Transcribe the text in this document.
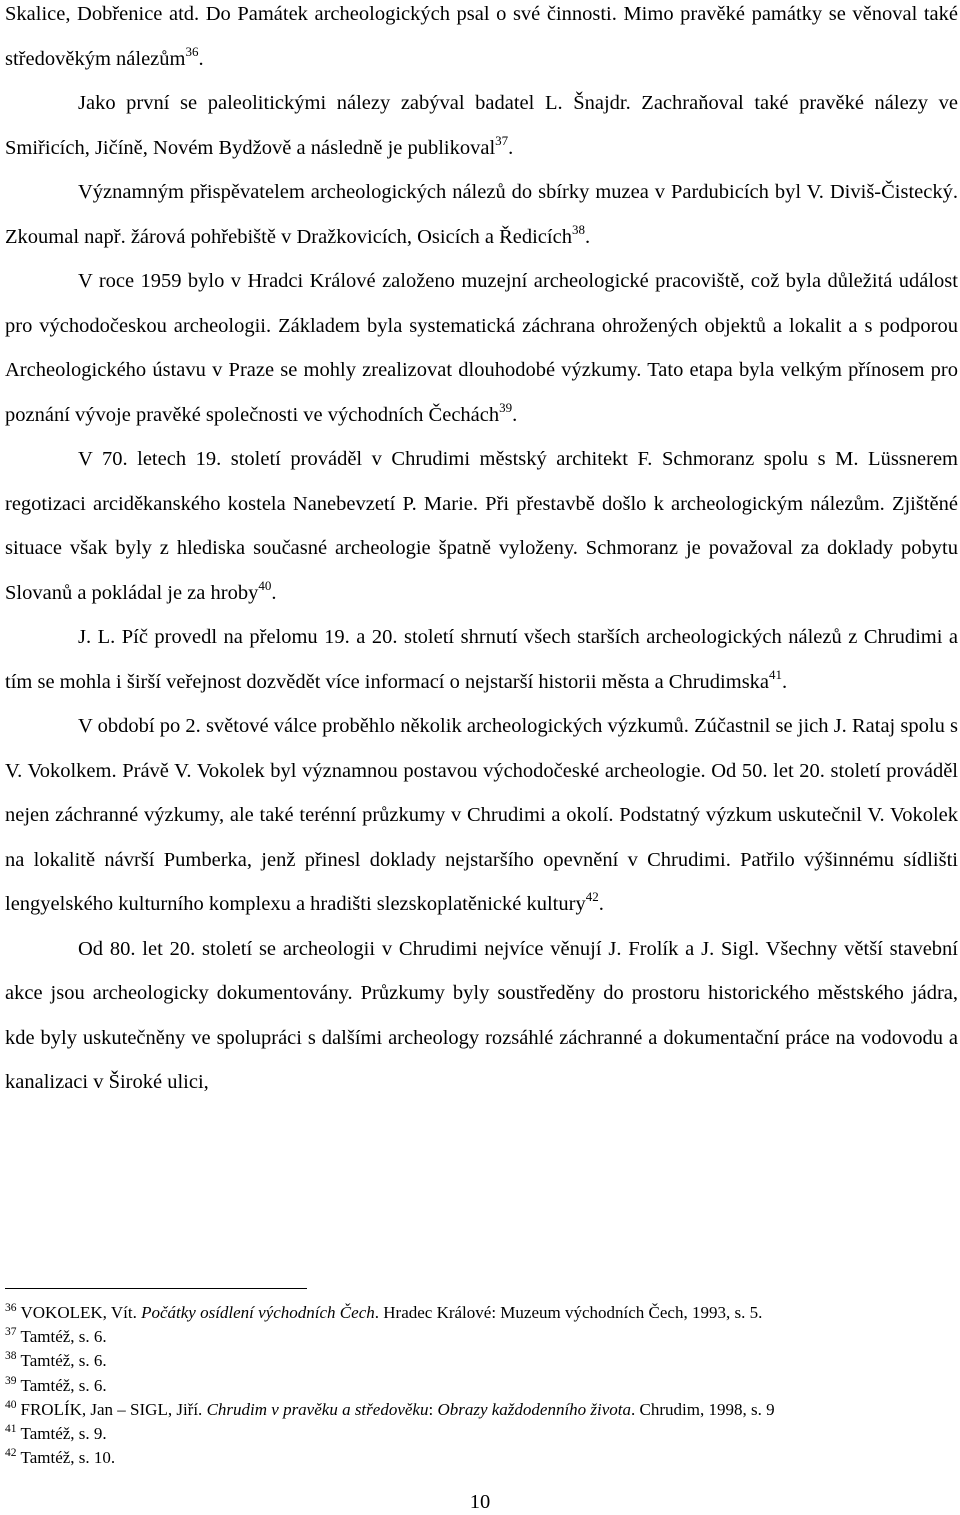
Skalice, Dobřenice atd. Do Památek archeologických psal o své činnosti. Mimo pravěké památky se věnoval také středověkým nálezům$^{36}$.

Jako první se paleolitickými nálezy zabýval badatel L. Šnajdr. Zachraňoval také pravěké nálezy ve Smiřicích, Jičíně, Novém Bydžově a následně je publikoval$^{37}$.

Významným přispěvatelem archeologických nálezů do sbírky muzea v Pardubicích byl V. Diviš-Čistecký. Zkoumal např. žárová pohřebiště v Dražkovicích, Osicích a Ředicích$^{38}$.

V roce 1959 bylo v Hradci Králové založeno muzejní archeologické pracoviště, což byla důležitá událost pro východočeskou archeologii. Základem byla systematická záchrana ohrožených objektů a lokalit a s podporou Archeologického ústavu v Praze se mohly zrealizovat dlouhodobé výzkumy. Tato etapa byla velkým přínosem pro poznání vývoje pravěké společnosti ve východních Čechách$^{39}$.

V 70. letech 19. století prováděl v Chrudimi městský architekt F. Schmoranz spolu s M. Lüssnerem regotizaci arciděkanského kostela Nanebevzetí P. Marie. Při přestavbě došlo k archeologickým nálezům. Zjištěné situace však byly z hlediska současné archeologie špatně vyloženy. Schmoranz je považoval za doklady pobytu Slovanů a pokládal je za hroby$^{40}$.

J. L. Píč provedl na přelomu 19. a 20. století shrnutí všech starších archeologických nálezů z Chrudimi a tím se mohla i širší veřejnost dozvědět více informací o nejstarší historii města a Chrudimska$^{41}$.

V období po 2. světové válce proběhlo několik archeologických výzkumů. Zúčastnil se jich J. Rataj spolu s V. Vokolkem. Právě V. Vokolek byl významnou postavou východočeské archeologie. Od 50. let 20. století prováděl nejen záchranné výzkumy, ale také terénní průzkumy v Chrudimi a okolí. Podstatný výzkum uskutečnil V. Vokolek na lokalitě návrší Pumberka, jenž přinesl doklady nejstaršího opevnění v Chrudimi. Patřilo výšinnému sídlišti lengyelského kulturního komplexu a hradišti slezskoplatěnické kultury$^{42}$.

Od 80. let 20. století se archeologii v Chrudimi nejvíce věnují J. Frolík a J. Sigl. Všechny větší stavební akce jsou archeologicky dokumentovány. Průzkumy byly soustředěny do prostoru historického městského jádra, kde byly uskutečněny ve spolupráci s dalšími archeology rozsáhlé záchranné a dokumentační práce na vodovodu a kanalizaci v Široké ulici,

$^{36}$ VOKOLEK, Vít. Počátky osídlení východních Čech. Hradec Králové: Muzeum východních Čech, 1993, s. 5.
$^{37}$ Tamtéž, s. 6.
$^{38}$ Tamtéž, s. 6.
$^{39}$ Tamtéž, s. 6.
$^{40}$ FROLÍK, Jan – SIGL, Jiří. Chrudim v pravěku a středověku: Obrazy každodenního života. Chrudim, 1998, s. 9
$^{41}$ Tamtéž, s. 9.
$^{42}$ Tamtéž, s. 10.
10
